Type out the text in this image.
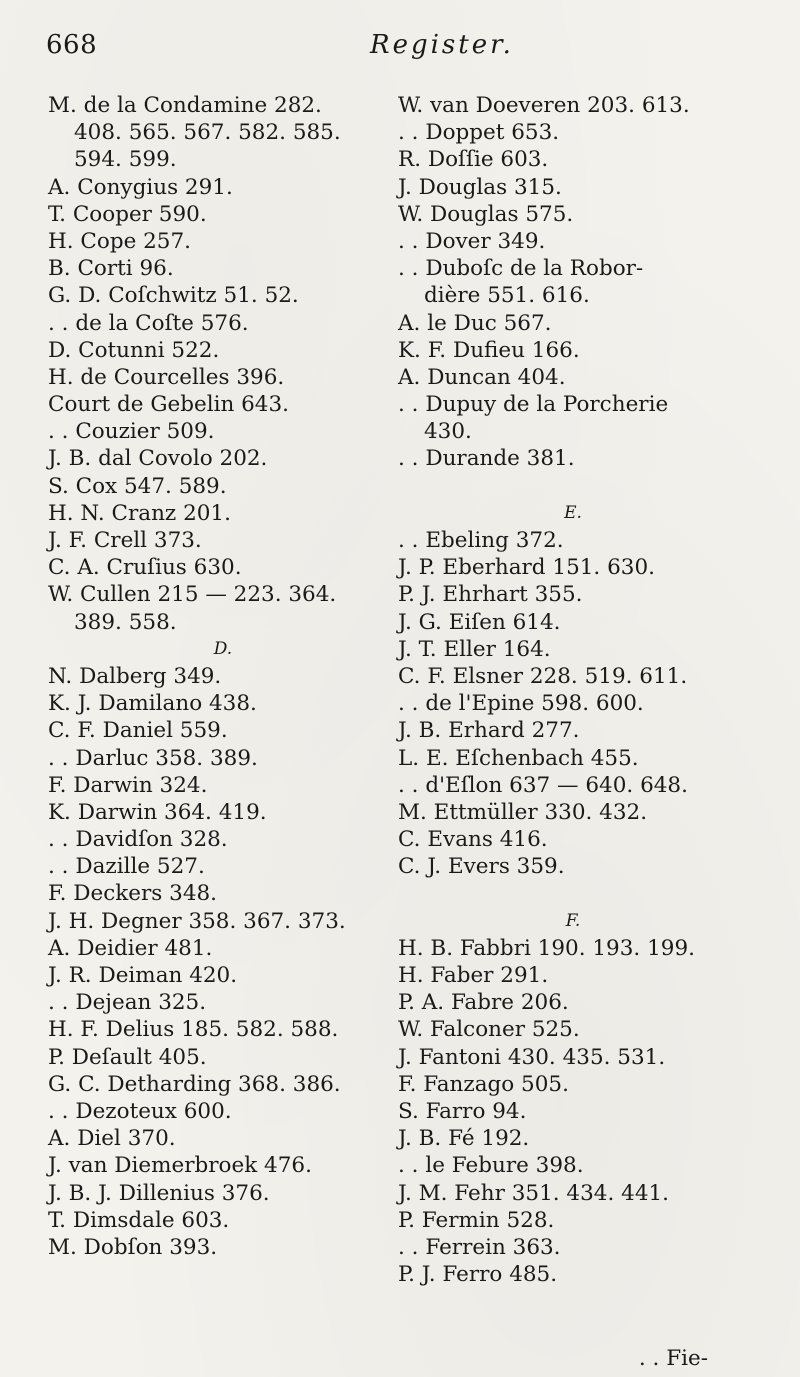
668	Register.
M. de la Condamine 282.
408. 565. 567. 582. 585.
594. 599.
A. Conygius 291.
T. Cooper 590.
H. Cope 257.
B. Corti 96.
G. D. Coſchwitz 51. 52.
. . de la Coſte 576.
D. Cotunni 522.
H. de Courcelles 396.
Court de Gebelin 643.
. . Couzier 509.
J. B. dal Covolo 202.
S. Cox 547. 589.
H. N. Cranz 201.
J. F. Crell 373.
C. A. Cruſius 630.
W. Cullen 215 — 223. 364.
389. 558.
D.
N. Dalberg 349.
K. J. Damilano 438.
C. F. Daniel 559.
. . Darluc 358. 389.
F. Darwin 324.
K. Darwin 364. 419.
. . Davidſon 328.
. . Dazille 527.
F. Deckers 348.
J. H. Degner 358. 367. 373.
A. Deidier 481.
J. R. Deiman 420.
. . Dejean 325.
H. F. Delius 185. 582. 588.
P. Deſault 405.
G. C. Detharding 368. 386.
. . Dezoteux 600.
A. Diel 370.
J. van Diemerbroek 476.
J. B. J. Dillenius 376.
T. Dimsdale 603.
M. Dobſon 393.
W. van Doeveren 203. 613.
. . Doppet 653.
R. Doſſie 603.
J. Douglas 315.
W. Douglas 575.
. . Dover 349.
. . Duboſc de la Robor-
dière 551. 616.
A. le Duc 567.
K. F. Dufieu 166.
A. Duncan 404.
. . Dupuy de la Porcherie
430.
. . Durande 381.
E.
. . Ebeling 372.
J. P. Eberhard 151. 630.
P. J. Ehrhart 355.
J. G. Eiſen 614.
J. T. Eller 164.
C. F. Elsner 228. 519. 611.
. . de l'Epine 598. 600.
J. B. Erhard 277.
L. E. Eſchenbach 455.
. . d'Eſlon 637 — 640. 648.
M. Ettmüller 330. 432.
C. Evans 416.
C. J. Evers 359.
F.
H. B. Fabbri 190. 193. 199.
H. Faber 291.
P. A. Fabre 206.
W. Falconer 525.
J. Fantoni 430. 435. 531.
F. Fanzago 505.
S. Farro 94.
J. B. Fé 192.
. . le Febure 398.
J. M. Fehr 351. 434. 441.
P. Fermin 528.
. . Ferrein 363.
P. J. Ferro 485.
. . Fie-
